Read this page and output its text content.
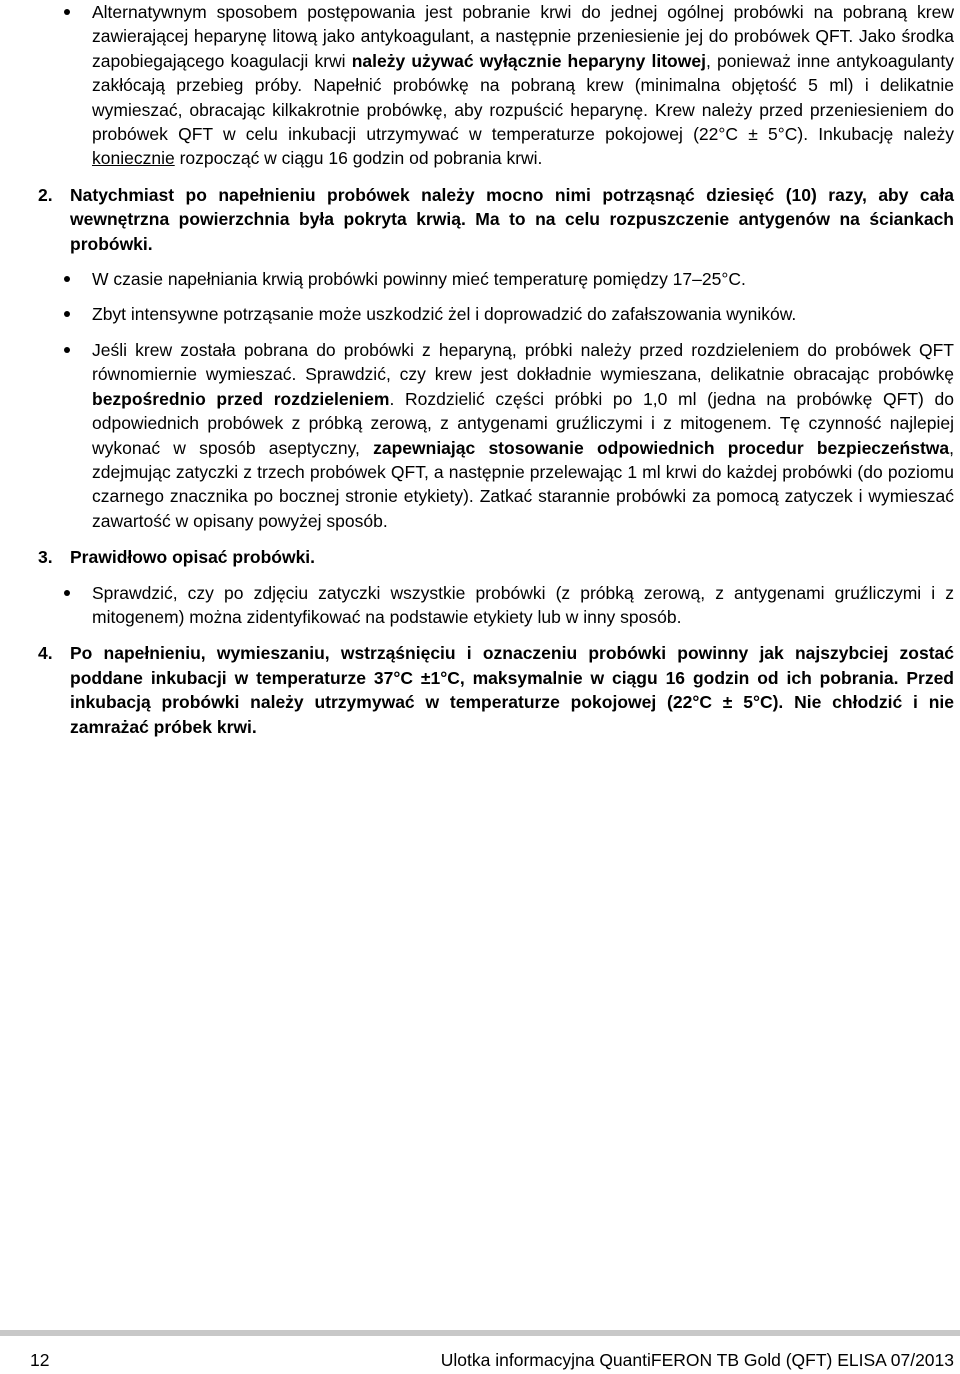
Alternatywnym sposobem postępowania jest pobranie krwi do jednej ogólnej probówki na pobraną krew zawierającej heparynę litową jako antykoagulant, a następnie przeniesienie jej do probówek QFT. Jako środka zapobiegającego koagulacji krwi należy używać wyłącznie heparyny litowej, ponieważ inne antykoagulanty zakłócają przebieg próby. Napełnić probówkę na pobraną krew (minimalna objętość 5 ml) i delikatnie wymieszać, obracając kilkakrotnie probówkę, aby rozpuścić heparynę. Krew należy przed przeniesieniem do probówek QFT w celu inkubacji utrzymywać w temperaturze pokojowej (22°C ± 5°C). Inkubację należy koniecznie rozpocząć w ciągu 16 godzin od pobrania krwi.
2. Natychmiast po napełnieniu probówek należy mocno nimi potrząsnąć dziesięć (10) razy, aby cała wewnętrzna powierzchnia była pokryta krwią. Ma to na celu rozpuszczenie antygenów na ściankach probówki.
W czasie napełniania krwią probówki powinny mieć temperaturę pomiędzy 17–25°C.
Zbyt intensywne potrząsanie może uszkodzić żel i doprowadzić do zafałszowania wyników.
Jeśli krew została pobrana do probówki z heparyną, próbki należy przed rozdzieleniem do probówek QFT równomiernie wymieszać. Sprawdzić, czy krew jest dokładnie wymieszana, delikatnie obracając probówkę bezpośrednio przed rozdzieleniem. Rozdzielić części próbki po 1,0 ml (jedna na probówkę QFT) do odpowiednich probówek z próbką zerową, z antygenami gruźliczymi i z mitogenem. Tę czynność najlepiej wykonać w sposób aseptyczny, zapewniając stosowanie odpowiednich procedur bezpieczeństwa, zdejmując zatyczki z trzech probówek QFT, a następnie przelewając 1 ml krwi do każdej probówki (do poziomu czarnego znacznika po bocznej stronie etykiety). Zatkać starannie probówki za pomocą zatyczek i wymieszać zawartość w opisany powyżej sposób.
3. Prawidłowo opisać probówki.
Sprawdzić, czy po zdjęciu zatyczki wszystkie probówki (z próbką zerową, z antygenami gruźliczymi i z mitogenem) można zidentyfikować na podstawie etykiety lub w inny sposób.
4. Po napełnieniu, wymieszaniu, wstrząśnięciu i oznaczeniu probówki powinny jak najszybciej zostać poddane inkubacji w temperaturze 37°C ±1°C, maksymalnie w ciągu 16 godzin od ich pobrania. Przed inkubacją probówki należy utrzymywać w temperaturze pokojowej (22°C ± 5°C). Nie chłodzić i nie zamrażać próbek krwi.
12	Ulotka informacyjna QuantiFERON TB Gold (QFT) ELISA 07/2013
